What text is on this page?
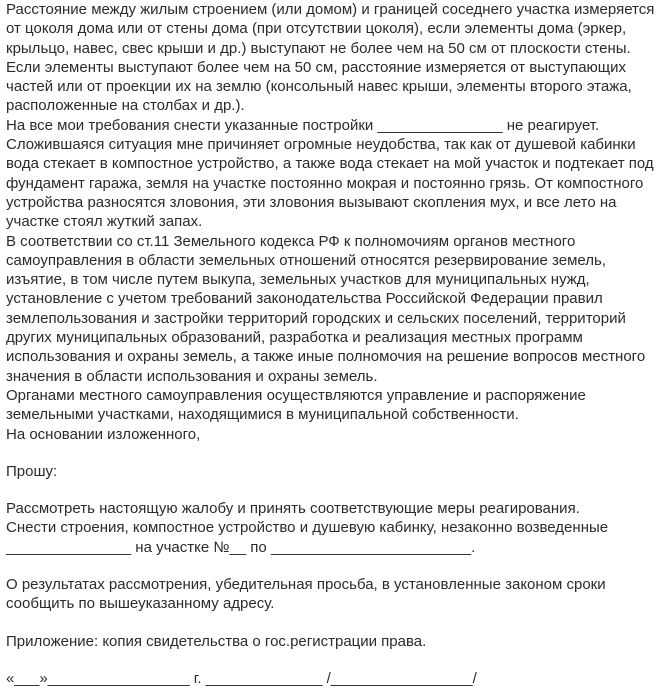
Расстояние между жилым строением (или домом) и границей соседнего участка измеряется от цоколя дома или от стены дома (при отсутствии цоколя), если элементы дома (эркер, крыльцо, навес, свес крыши и др.) выступают не более чем на 50 см от плоскости стены. Если элементы выступают более чем на 50 см, расстояние измеряется от выступающих частей или от проекции их на землю (консольный навес крыши, элементы второго этажа, расположенные на столбах и др.).

На все мои требования снести указанные постройки _______________ не реагирует. Сложившаяся ситуация мне причиняет огромные неудобства, так как от душевой кабинки вода стекает в компостное устройство, а также вода стекает на мой участок и подтекает под фундамент гаража, земля на участке постоянно мокрая и постоянно грязь. От компостного устройства разносятся зловония, эти зловония вызывают скопления мух, и все лето на участке стоял жуткий запах.

В соответствии со ст.11 Земельного кодекса РФ к полномочиям органов местного самоуправления в области земельных отношений относятся резервирование земель, изъятие, в том числе путем выкупа, земельных участков для муниципальных нужд, установление с учетом требований законодательства Российской Федерации правил землепользования и застройки территорий городских и сельских поселений, территорий других муниципальных образований, разработка и реализация местных программ использования и охраны земель, а также иные полномочия на решение вопросов местного значения в области использования и охраны земель.

Органами местного самоуправления осуществляются управление и распоряжение земельными участками, находящимися в муниципальной собственности.

На основании изложенного,

Прошу:

Рассмотреть настоящую жалобу и принять соответствующие меры реагирования.

Снести строения, компостное устройство и душевую кабинку, незаконно возведенные _______________ на участке №__ по ________________________.

О результатах рассмотрения, убедительная просьба, в установленные законом сроки сообщить по вышеуказанному адресу.

Приложение: копия свидетельства о гос.регистрации права.

«___»_________________ г. ______________ /_________________/
